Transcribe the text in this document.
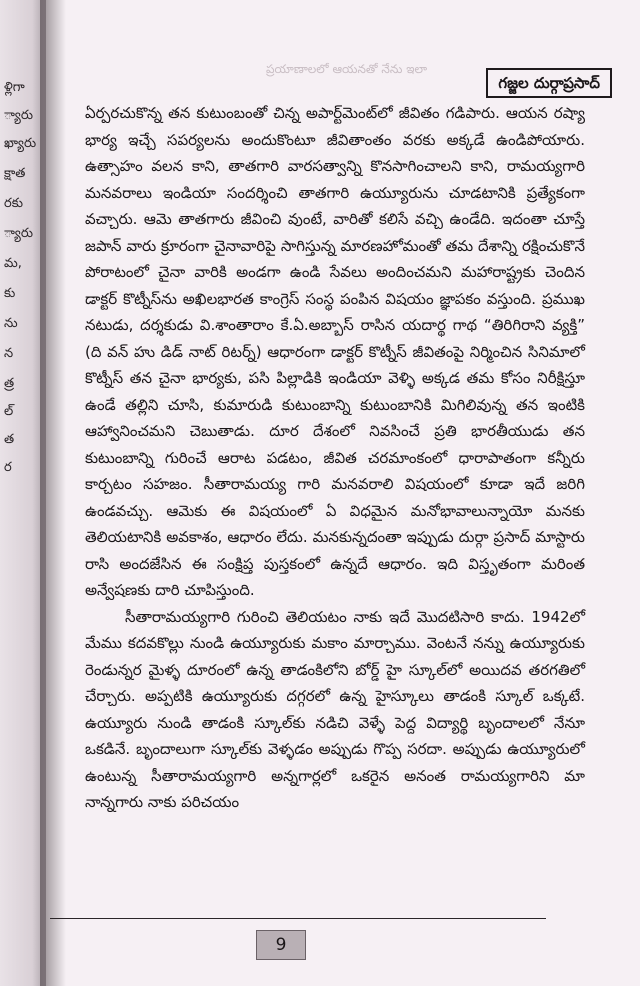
ళ్లిగా
్యారు
ఖ్యారు
క్షాత
రకు
్యారు
మ,
కు
ను
న
త్ర
ల్
త
ర
ప్రయాణాలలో ఆయనతో నేను ఇలా
గజ్జల దుర్గాప్రసాద్

ఏర్పరచుకొన్న తన కుటుంబంతో చిన్న అపార్ట్‌మెంట్‌లో జీవితం గడిపారు. ఆయన రష్యా భార్య ఇచ్చే సపర్యలను అందుకొంటూ జీవితాంతం వరకు అక్కడే ఉండిపోయారు. ఉత్సాహం వలన కాని, తాతగారి వారసత్వాన్ని కొనసాగించాలని కాని, రామయ్యగారి మనవరాలు ఇండియా సందర్శించి తాతగారి ఉయ్యూరును చూడటానికి ప్రత్యేకంగా వచ్చారు. ఆమె తాతగారు జీవించి వుంటే, వారితో కలిసే వచ్చి ఉండేది. ఇదంతా చూస్తే జపాన్ వారు క్రూరంగా చైనావారిపై సాగిస్తున్న మారణహోమంతో తమ దేశాన్ని రక్షించుకొనే పోరాటంలో చైనా వారికి అండగా ఉండి సేవలు అందించమని మహారాష్ట్రకు చెందిన డాక్టర్ కొట్నీస్‌ను అఖిలభారత కాంగ్రెస్ సంస్థ పంపిన విషయం జ్ఞాపకం వస్తుంది. ప్రముఖ నటుడు, దర్శకుడు వి.శాంతారాం కే.ఏ.అబ్బాస్ రాసిన యదార్థ గాథ “తిరిగిరాని వ్యక్తి” (ది వన్ హు డిడ్ నాట్ రిటర్న్) ఆధారంగా డాక్టర్ కొట్నీస్ జీవితంపై నిర్మించిన సినిమాలో కొట్నీస్ తన చైనా భార్యకు, పసి పిల్లాడికి ఇండియా వెళ్ళి అక్కడ తమ కోసం నిరీక్షిస్తూ ఉండే తల్లిని చూసి, కుమారుడి కుటుంబాన్ని కుటుంబానికి మిగిలివున్న తన ఇంటికి ఆహ్వానించమని చెబుతాడు. దూర దేశంలో నివసించే ప్రతి భారతీయుడు తన కుటుంబాన్ని గురించే ఆరాట పడటం, జీవిత చరమాంకంలో ధారాపాతంగా కన్నీరు కార్చటం సహజం. సీతారామయ్య గారి మనవరాలి విషయంలో కూడా ఇదే జరిగి ఉండవచ్చు. ఆమెకు ఈ విషయంలో ఏ విధమైన మనోభావాలున్నాయో మనకు తెలియటానికి అవకాశం, ఆధారం లేదు. మనకున్నదంతా ఇప్పుడు దుర్గా ప్రసాద్ మాస్టారు రాసి అందజేసిన ఈ సంక్షిప్త పుస్తకంలో ఉన్నదే ఆధారం. ఇది విస్తృతంగా మరింత అన్వేషణకు దారి చూపిస్తుంది.

సీతారామయ్యగారి గురించి తెలియటం నాకు ఇదే మొదటిసారి కాదు. 1942లో మేము కదవకొల్లు నుండి ఉయ్యూరుకు మకాం మార్చాము. వెంటనే నన్ను ఉయ్యూరుకు రెండున్నర మైళ్ళ దూరంలో ఉన్న తాడంకిలోని బోర్డ్ హై స్కూల్‌లో అయిదవ తరగతిలో చేర్చారు. అప్పటికి ఉయ్యూరుకు దగ్గరలో ఉన్న హైస్కూలు తాడంకి స్కూల్ ఒక్కటే. ఉయ్యూరు నుండి తాడంకి స్కూల్‌కు నడిచి వెళ్ళే పెద్ద విద్యార్థి బృందాలలో నేనూ ఒకడినే. బృందాలుగా స్కూల్‌కు వెళ్ళడం అప్పుడు గొప్ప సరదా. అప్పుడు ఉయ్యూరులో ఉంటున్న సీతారామయ్యగారి అన్నగార్లలో ఒకరైన అనంత రామయ్యగారిని మా నాన్నగారు నాకు పరిచయం

9
